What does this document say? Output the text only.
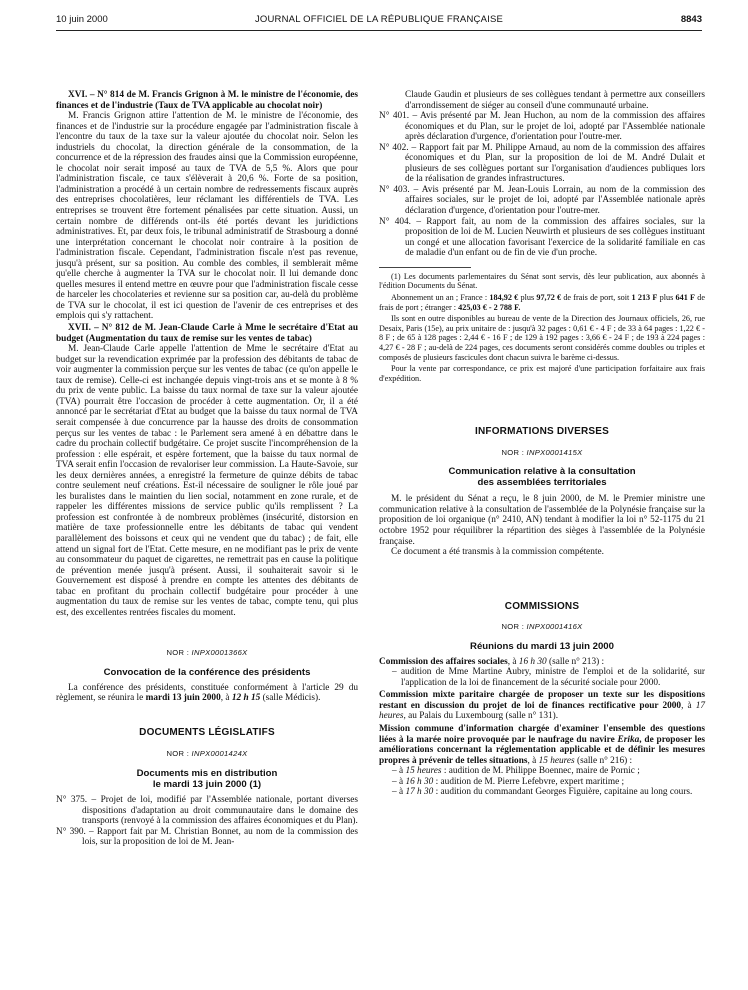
10 juin 2000	JOURNAL OFFICIEL DE LA RÉPUBLIQUE FRANÇAISE	8843

XVI. – N° 814 de M. Francis Grignon à M. le ministre de l'économie, des finances et de l'industrie (Taux de TVA applicable au chocolat noir)

M. Francis Grignon attire l'attention de M. le ministre de l'économie, des finances et de l'industrie sur la procédure engagée par l'administration fiscale à l'encontre du taux de la taxe sur la valeur ajoutée du chocolat noir. Selon les industriels du chocolat, la direction générale de la consommation, de la concurrence et de la répression des fraudes ainsi que la Commission européenne, le chocolat noir serait imposé au taux de TVA de 5,5 %. Alors que pour l'administration fiscale, ce taux s'élèverait à 20,6 %. Forte de sa position, l'administration a procédé à un certain nombre de redressements fiscaux auprès des entreprises chocolatières, leur réclamant les différentiels de TVA. Les entreprises se trouvent être fortement pénalisées par cette situation. Aussi, un certain nombre de différends ont-ils été portés devant les juridictions administratives. Et, par deux fois, le tribunal administratif de Strasbourg a donné une interprétation concernant le chocolat noir contraire à la position de l'administration fiscale. Cependant, l'administration fiscale n'est pas revenue, jusqu'à présent, sur sa position. Au comble des combles, il semblerait même qu'elle cherche à augmenter la TVA sur le chocolat noir. Il lui demande donc quelles mesures il entend mettre en œuvre pour que l'administration fiscale cesse de harceler les chocolateries et revienne sur sa position car, au-delà du problème de TVA sur le chocolat, il est ici question de l'avenir de ces entreprises et des emplois qui s'y rattachent.

XVII. – N° 812 de M. Jean-Claude Carle à Mme le secrétaire d'Etat au budget (Augmentation du taux de remise sur les ventes de tabac)

M. Jean-Claude Carle appelle l'attention de Mme le secrétaire d'Etat au budget sur la revendication exprimée par la profession des débitants de tabac de voir augmenter la commission perçue sur les ventes de tabac (ce qu'on appelle le taux de remise). Celle-ci est inchangée depuis vingt-trois ans et se monte à 8 % du prix de vente public. La baisse du taux normal de taxe sur la valeur ajoutée (TVA) pourrait être l'occasion de procéder à cette augmentation. Or, il a été annoncé par le secrétariat d'Etat au budget que la baisse du taux normal de TVA serait compensée à due concurrence par la hausse des droits de consommation perçus sur les ventes de tabac : le Parlement sera amené à en débattre dans le cadre du prochain collectif budgétaire. Ce projet suscite l'incompréhension de la profession : elle espérait, et espère fortement, que la baisse du taux normal de TVA serait enfin l'occasion de revaloriser leur commission. La Haute-Savoie, sur les deux dernières années, a enregistré la fermeture de quinze débits de tabac contre seulement neuf créations. Est-il nécessaire de souligner le rôle joué par les buralistes dans le maintien du lien social, notamment en zone rurale, et de rappeler les différentes missions de service public qu'ils remplissent ? La profession est confrontée à de nombreux problèmes (insécurité, distorsion en matière de taxe professionnelle entre les débitants de tabac qui vendent parallèlement des boissons et ceux qui ne vendent que du tabac) ; de fait, elle attend un signal fort de l'Etat. Cette mesure, en ne modifiant pas le prix de vente au consommateur du paquet de cigarettes, ne remettrait pas en cause la politique de prévention menée jusqu'à présent. Aussi, il souhaiterait savoir si le Gouvernement est disposé à prendre en compte les attentes des débitants de tabac en profitant du prochain collectif budgétaire pour procéder à une augmentation du taux de remise sur les ventes de tabac, compte tenu, qui plus est, des excellentes rentrées fiscales du moment.

NOR : INPX0001366X

Convocation de la conférence des présidents

La conférence des présidents, constituée conformément à l'article 29 du règlement, se réunira le mardi 13 juin 2000, à 12 h 15 (salle Médicis).

DOCUMENTS LÉGISLATIFS

NOR : INPX0001424X

Documents mis en distribution
le mardi 13 juin 2000 (1)

N° 375. – Projet de loi, modifié par l'Assemblée nationale, portant diverses dispositions d'adaptation au droit communautaire dans le domaine des transports (renvoyé à la commission des affaires économiques et du Plan).

N° 390. – Rapport fait par M. Christian Bonnet, au nom de la commission des lois, sur la proposition de loi de M. Jean-

Claude Gaudin et plusieurs de ses collègues tendant à permettre aux conseillers d'arrondissement de siéger au conseil d'une communauté urbaine.

N° 401. – Avis présenté par M. Jean Huchon, au nom de la commission des affaires économiques et du Plan, sur le projet de loi, adopté par l'Assemblée nationale après déclaration d'urgence, d'orientation pour l'outre-mer.

N° 402. – Rapport fait par M. Philippe Arnaud, au nom de la commission des affaires économiques et du Plan, sur la proposition de loi de M. André Dulait et plusieurs de ses collègues portant sur l'organisation d'audiences publiques lors de la réalisation de grandes infrastructures.

N° 403. – Avis présenté par M. Jean-Louis Lorrain, au nom de la commission des affaires sociales, sur le projet de loi, adopté par l'Assemblée nationale après déclaration d'urgence, d'orientation pour l'outre-mer.

N° 404. – Rapport fait, au nom de la commission des affaires sociales, sur la proposition de loi de M. Lucien Neuwirth et plusieurs de ses collègues instituant un congé et une allocation favorisant l'exercice de la solidarité familiale en cas de maladie d'un enfant ou de fin de vie d'un proche.

(1) Les documents parlementaires du Sénat sont servis, dès leur publication, aux abonnés à l'édition Documents du Sénat.

Abonnement un an ; France : 184,92 € plus 97,72 € de frais de port, soit 1 213 F plus 641 F de frais de port ; étranger : 425,03 € - 2 788 F.

Ils sont en outre disponibles au bureau de vente de la Direction des Journaux officiels, 26, rue Desaix, Paris (15e), au prix unitaire de : jusqu'à 32 pages : 0,61 € - 4 F ; de 33 à 64 pages : 1,22 € - 8 F ; de 65 à 128 pages : 2,44 € - 16 F ; de 129 à 192 pages : 3,66 € - 24 F ; de 193 à 224 pages : 4,27 € - 28 F ; au-delà de 224 pages, ces documents seront considérés comme doubles ou triples et composés de plusieurs fascicules dont chacun suivra le barème ci-dessus.

Pour la vente par correspondance, ce prix est majoré d'une participation forfaitaire aux frais d'expédition.

INFORMATIONS DIVERSES

NOR : INPX0001415X

Communication relative à la consultation
des assemblées territoriales

M. le président du Sénat a reçu, le 8 juin 2000, de M. le Premier ministre une communication relative à la consultation de l'assemblée de la Polynésie française sur la proposition de loi organique (n° 2410, AN) tendant à modifier la loi n° 52-1175 du 21 octobre 1952 pour réquilibrer la répartition des sièges à l'assemblée de la Polynésie française.

Ce document a été transmis à la commission compétente.

COMMISSIONS

NOR : INPX0001416X

Réunions du mardi 13 juin 2000

Commission des affaires sociales, à 16 h 30 (salle n° 213) :

– audition de Mme Martine Aubry, ministre de l'emploi et de la solidarité, sur l'application de la loi de financement de la sécurité sociale pour 2000.

Commission mixte paritaire chargée de proposer un texte sur les dispositions restant en discussion du projet de loi de finances rectificative pour 2000, à 17 heures, au Palais du Luxembourg (salle n° 131).

Mission commune d'information chargée d'examiner l'ensemble des questions liées à la marée noire provoquée par le naufrage du navire Erika, de proposer les améliorations concernant la réglementation applicable et de définir les mesures propres à prévenir de telles situations, à 15 heures (salle n° 216) :

– à 15 heures : audition de M. Philippe Boennec, maire de Pornic ;

– à 16 h 30 : audition de M. Pierre Lefebvre, expert maritime ;

– à 17 h 30 : audition du commandant Georges Figuière, capitaine au long cours.
